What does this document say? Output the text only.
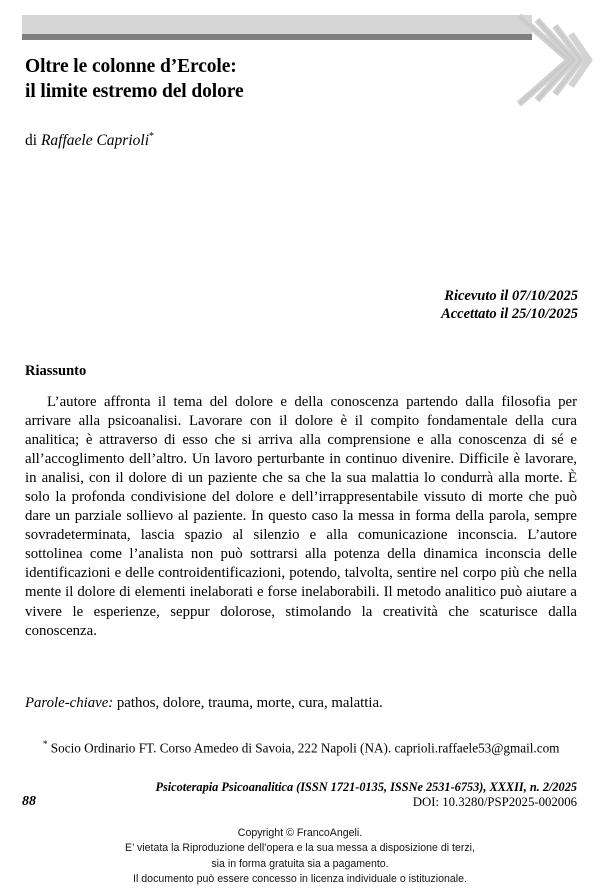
Oltre le colonne d’Ercole:
il limite estremo del dolore
di Raffaele Caprioli*
Ricevuto il 07/10/2025
Accettato il 25/10/2025
Riassunto
L’autore affronta il tema del dolore e della conoscenza partendo dalla filosofia per arrivare alla psicoanalisi. Lavorare con il dolore è il compito fondamentale della cura analitica; è attraverso di esso che si arriva alla comprensione e alla conoscenza di sé e all’accoglimento dell’altro. Un lavoro perturbante in continuo divenire. Difficile è lavorare, in analisi, con il dolore di un paziente che sa che la sua malattia lo condurrà alla morte. È solo la profonda condivisione del dolore e dell’irrappresentabile vissuto di morte che può dare un parziale sollievo al paziente. In questo caso la messa in forma della parola, sempre sovradeterminata, lascia spazio al silenzio e alla comunicazione inconscia. L’autore sottolinea come l’analista non può sottrarsi alla potenza della dinamica inconscia delle identificazioni e delle controidentificazioni, potendo, talvolta, sentire nel corpo più che nella mente il dolore di elementi inelaborati e forse inelaborabili. Il metodo analitico può aiutare a vivere le esperienze, seppur dolorose, stimolando la creatività che scaturisce dalla conoscenza.
Parole-chiave: pathos, dolore, trauma, morte, cura, malattia.
* Socio Ordinario FT. Corso Amedeo di Savoia, 222 Napoli (NA). caprioli.raffaele53@gmail.com
Psicoterapia Psicoanalitica (ISSN 1721-0135, ISSNe 2531-6753), XXXII, n. 2/2025
DOI: 10.3280/PSP2025-002006
88
Copyright © FrancoAngeli.
E’ vietata la Riproduzione dell’opera e la sua messa a disposizione di terzi,
sia in forma gratuita sia a pagamento.
Il documento può essere concesso in licenza individuale o istituzionale.
